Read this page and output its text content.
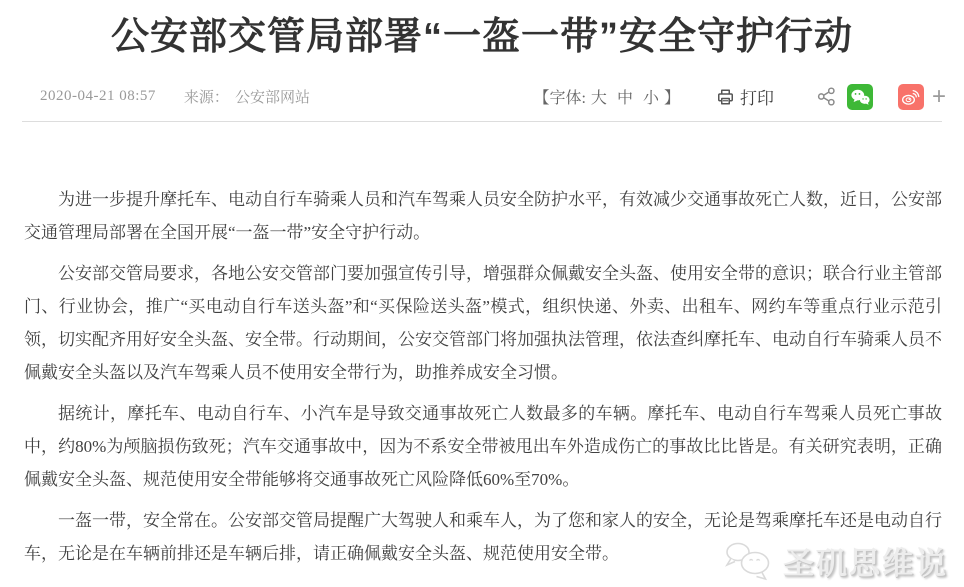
公安部交管局部署“一盔一带”安全守护行动
2020-04-21 08:57 来源： 公安部网站	【字体: 大 中 小 】	打印	+

为进一步提升摩托车、电动自行车骑乘人员和汽车驾乘人员安全防护水平，有效减少交通事故死亡人数，近日，公安部交通管理局部署在全国开展“一盔一带”安全守护行动。

公安部交管局要求，各地公安交管部门要加强宣传引导，增强群众佩戴安全头盔、使用安全带的意识；联合行业主管部门、行业协会，推广“买电动自行车送头盔”和“买保险送头盔”模式，组织快递、外卖、出租车、网约车等重点行业示范引领，切实配齐用好安全头盔、安全带。行动期间，公安交管部门将加强执法管理，依法查纠摩托车、电动自行车骑乘人员不佩戴安全头盔以及汽车驾乘人员不使用安全带行为，助推养成安全习惯。

据统计，摩托车、电动自行车、小汽车是导致交通事故死亡人数最多的车辆。摩托车、电动自行车驾乘人员死亡事故中，约80%为颅脑损伤致死；汽车交通事故中，因为不系安全带被甩出车外造成伤亡的事故比比皆是。有关研究表明，正确佩戴安全头盔、规范使用安全带能够将交通事故死亡风险降低60%至70%。

一盔一带，安全常在。公安部交管局提醒广大驾驶人和乘车人，为了您和家人的安全，无论是驾乘摩托车还是电动自行车，无论是在车辆前排还是车辆后排，请正确佩戴安全头盔、规范使用安全带。	圣矶思维说
